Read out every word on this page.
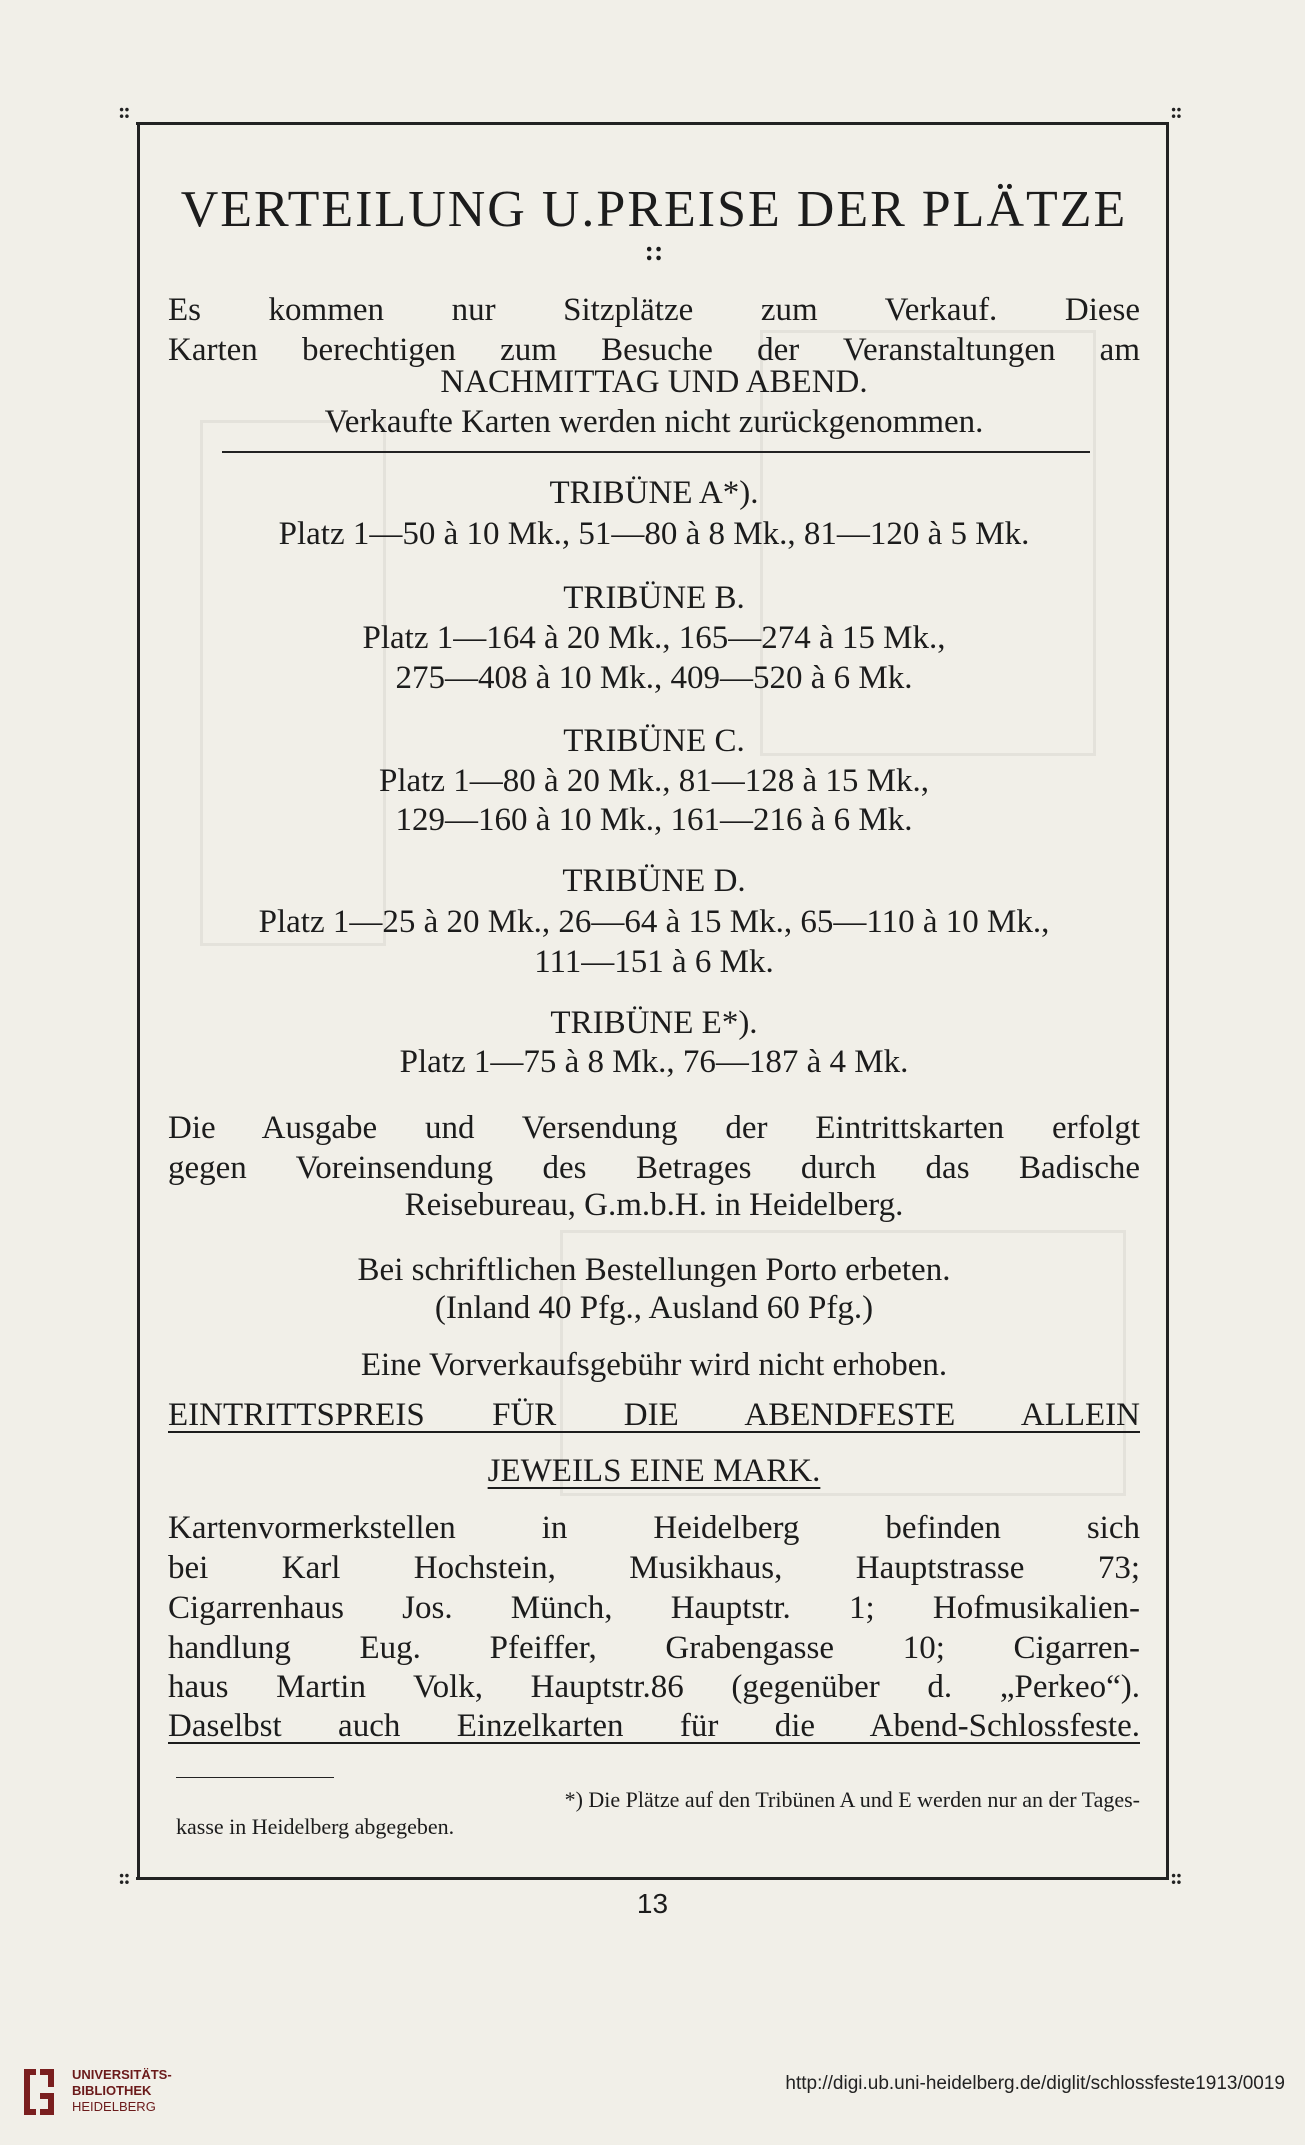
::	::
::	::
VERTEILUNG U.PREISE DER PLÄTZE
::
Es kommen nur Sitzplätze zum Verkauf. Diese
Karten berechtigen zum Besuche der Veranstaltungen am
NACHMITTAG UND ABEND.
Verkaufte Karten werden nicht zurückgenommen.
TRIBÜNE A*).
Platz 1—50 à 10 Mk., 51—80 à 8 Mk., 81—120 à 5 Mk.
TRIBÜNE B.
Platz 1—164 à 20 Mk., 165—274 à 15 Mk.,
275—408 à 10 Mk., 409—520 à 6 Mk.
TRIBÜNE C.
Platz 1—80 à 20 Mk., 81—128 à 15 Mk.,
129—160 à 10 Mk., 161—216 à 6 Mk.
TRIBÜNE D.
Platz 1—25 à 20 Mk., 26—64 à 15 Mk., 65—110 à 10 Mk.,
111—151 à 6 Mk.
TRIBÜNE E*).
Platz 1—75 à 8 Mk., 76—187 à 4 Mk.
Die Ausgabe und Versendung der Eintrittskarten erfolgt
gegen Voreinsendung des Betrages durch das Badische
Reisebureau, G.m.b.H. in Heidelberg.
Bei schriftlichen Bestellungen Porto erbeten.
(Inland 40 Pfg., Ausland 60 Pfg.)
Eine Vorverkaufsgebühr wird nicht erhoben.
EINTRITTSPREIS FÜR DIE ABENDFESTE ALLEIN
JEWEILS EINE MARK.
Kartenvormerkstellen in Heidelberg befinden sich
bei Karl Hochstein, Musikhaus, Hauptstrasse 73;
Cigarrenhaus Jos. Münch, Hauptstr. 1; Hofmusikalien-
handlung Eug. Pfeiffer, Grabengasse 10; Cigarren-
haus Martin Volk, Hauptstr.86 (gegenüber d. „Perkeo“).
Daselbst auch Einzelkarten für die Abend-Schlossfeste.
*) Die Plätze auf den Tribünen A und E werden nur an der Tages-
kasse in Heidelberg abgegeben.
13
UNIVERSITÄTS-
BIBLIOTHEK
HEIDELBERG
http://digi.ub.uni-heidelberg.de/diglit/schlossfeste1913/0019
